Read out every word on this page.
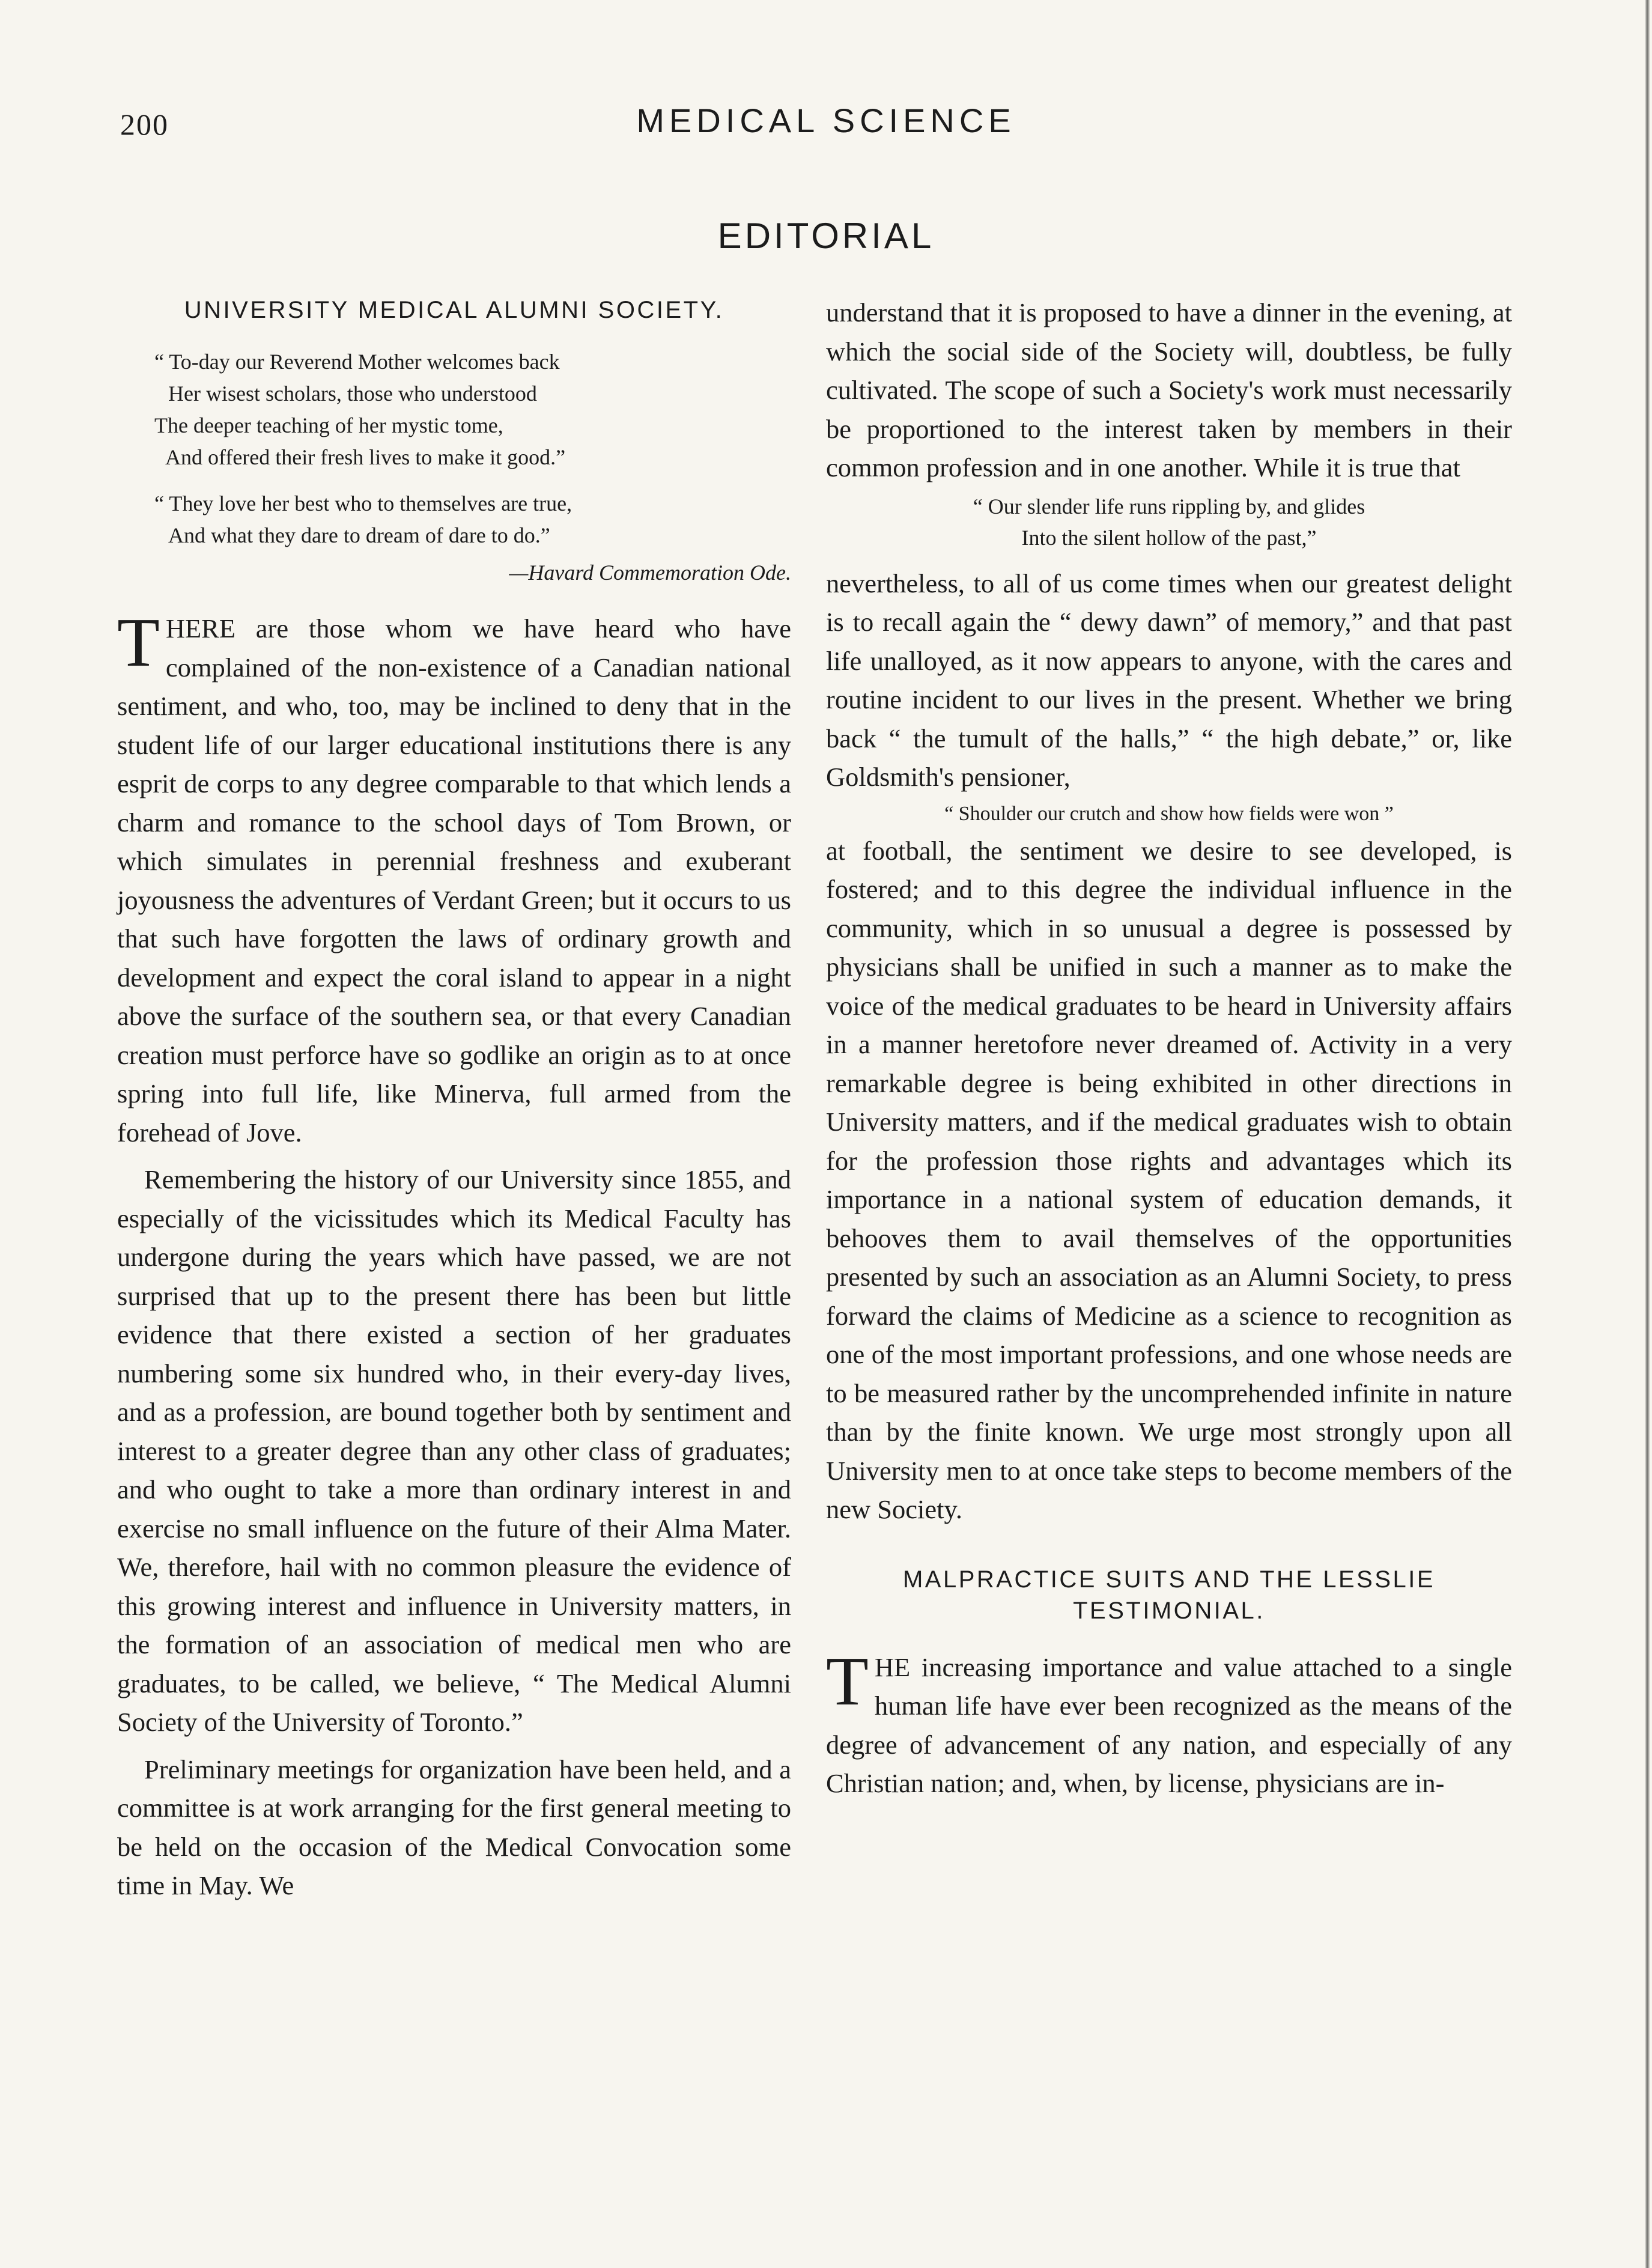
200	MEDICAL SCIENCE
EDITORIAL
UNIVERSITY MEDICAL ALUMNI SOCIETY.
“ To-day our Reverend Mother welcomes back
Her wisest scholars, those who understood
The deeper teaching of her mystic tome,
And offered their fresh lives to make it good.”
“ They love her best who to themselves are true,
And what they dare to dream of dare to do.”
—Havard Commemoration Ode.

THERE are those whom we have heard who have complained of the non-existence of a Canadian national sentiment, and who, too, may be inclined to deny that in the student life of our larger educational institutions there is any esprit de corps to any degree comparable to that which lends a charm and romance to the school days of Tom Brown, or which simulates in perennial freshness and exuberant joyousness the adventures of Verdant Green; but it occurs to us that such have forgotten the laws of ordinary growth and development and expect the coral island to appear in a night above the surface of the southern sea, or that every Canadian creation must perforce have so godlike an origin as to at once spring into full life, like Minerva, full armed from the forehead of Jove.

Remembering the history of our University since 1855, and especially of the vicissitudes which its Medical Faculty has undergone during the years which have passed, we are not surprised that up to the present there has been but little evidence that there existed a section of her graduates numbering some six hundred who, in their every-day lives, and as a profession, are bound together both by sentiment and interest to a greater degree than any other class of graduates; and who ought to take a more than ordinary interest in and exercise no small influence on the future of their Alma Mater. We, therefore, hail with no common pleasure the evidence of this growing interest and influence in University matters, in the formation of an association of medical men who are graduates, to be called, we believe, “ The Medical Alumni Society of the University of Toronto.”

Preliminary meetings for organization have been held, and a committee is at work arranging for the first general meeting to be held on the occasion of the Medical Convocation some time in May. We

understand that it is proposed to have a dinner in the evening, at which the social side of the Society will, doubtless, be fully cultivated. The scope of such a Society's work must necessarily be proportioned to the interest taken by members in their common profession and in one another. While it is true that

“ Our slender life runs rippling by, and glides
Into the silent hollow of the past,”

nevertheless, to all of us come times when our greatest delight is to recall again the “ dewy dawn” of memory,” and that past life unalloyed, as it now appears to anyone, with the cares and routine incident to our lives in the present. Whether we bring back “ the tumult of the halls,” “ the high debate,” or, like Goldsmith's pensioner,

“ Shoulder our crutch and show how fields were won ”

at football, the sentiment we desire to see developed, is fostered; and to this degree the individual influence in the community, which in so unusual a degree is possessed by physicians shall be unified in such a manner as to make the voice of the medical graduates to be heard in University affairs in a manner heretofore never dreamed of. Activity in a very remarkable degree is being exhibited in other directions in University matters, and if the medical graduates wish to obtain for the profession those rights and advantages which its importance in a national system of education demands, it behooves them to avail themselves of the opportunities presented by such an association as an Alumni Society, to press forward the claims of Medicine as a science to recognition as one of the most important professions, and one whose needs are to be measured rather by the uncomprehended infinite in nature than by the finite known. We urge most strongly upon all University men to at once take steps to become members of the new Society.

MALPRACTICE SUITS AND THE LESSLIE TESTIMONIAL.

THE increasing importance and value attached to a single human life have ever been recognized as the means of the degree of advancement of any nation, and especially of any Christian nation; and, when, by license, physicians are in-
